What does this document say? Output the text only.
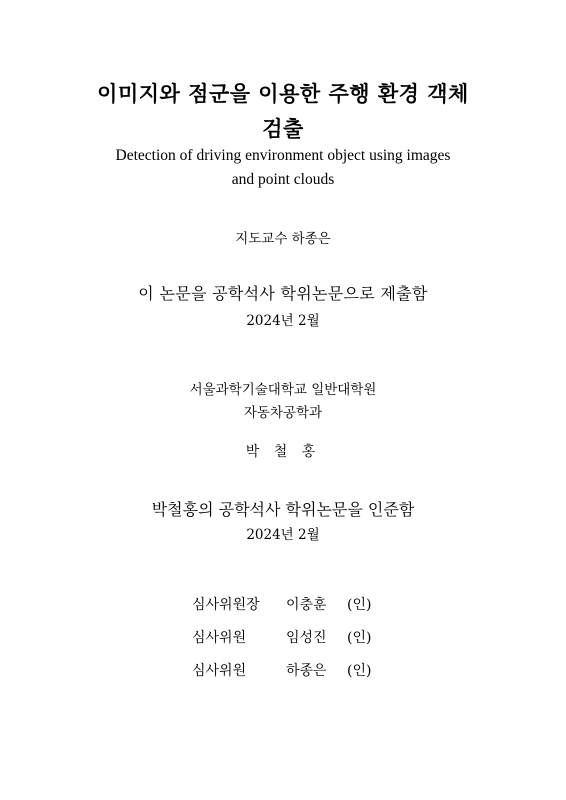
이미지와 점군을 이용한 주행 환경 객체
검출
Detection of driving environment object using images
and point clouds
지도교수 하종은
이 논문을 공학석사 학위논문으로 제출함
2024년 2월
서울과학기술대학교 일반대학원
자동차공학과
박 철 홍
박철홍의 공학석사 학위논문을 인준함
2024년 2월
심사위원장 이충훈 (인)
심사위원	임성진 (인)
심사위원	하종은 (인)
